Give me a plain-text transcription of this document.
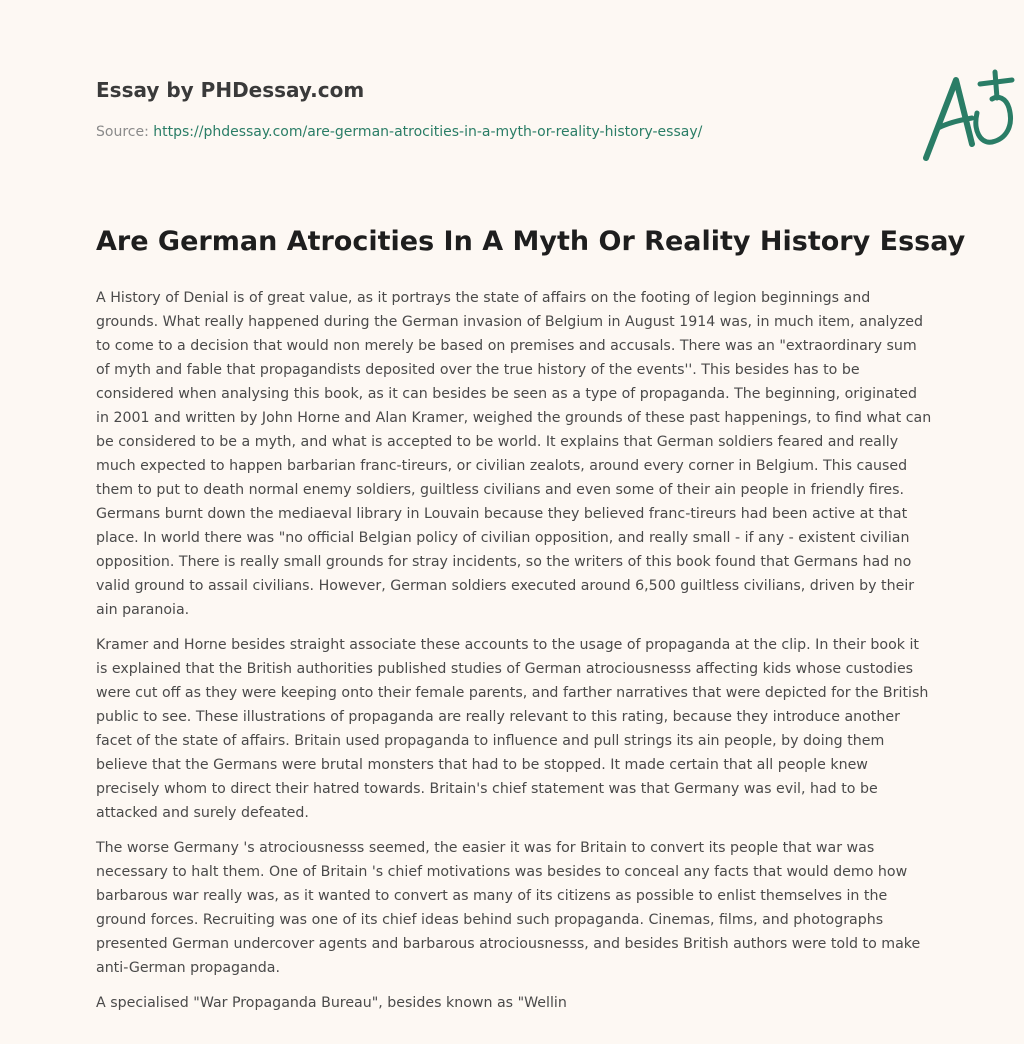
Essay by PHDessay.com
Source: https://phdessay.com/are-german-atrocities-in-a-myth-or-reality-history-essay/
Are German Atrocities In A Myth Or Reality History Essay

A History of Denial is of great value, as it portrays the state of affairs on the footing of legion beginnings and grounds. What really happened during the German invasion of Belgium in August 1914 was, in much item, analyzed to come to a decision that would non merely be based on premises and accusals. There was an "extraordinary sum of myth and fable that propagandists deposited over the true history of the events''. This besides has to be considered when analysing this book, as it can besides be seen as a type of propaganda. The beginning, originated in 2001 and written by John Horne and Alan Kramer, weighed the grounds of these past happenings, to find what can be considered to be a myth, and what is accepted to be world. It explains that German soldiers feared and really much expected to happen barbarian franc-tireurs, or civilian zealots, around every corner in Belgium. This caused them to put to death normal enemy soldiers, guiltless civilians and even some of their ain people in friendly fires. Germans burnt down the mediaeval library in Louvain because they believed franc-tireurs had been active at that place. In world there was "no official Belgian policy of civilian opposition, and really small - if any - existent civilian opposition. There is really small grounds for stray incidents, so the writers of this book found that Germans had no valid ground to assail civilians. However, German soldiers executed around 6,500 guiltless civilians, driven by their ain paranoia.

Kramer and Horne besides straight associate these accounts to the usage of propaganda at the clip. In their book it is explained that the British authorities published studies of German atrociousnesss affecting kids whose custodies were cut off as they were keeping onto their female parents, and farther narratives that were depicted for the British public to see. These illustrations of propaganda are really relevant to this rating, because they introduce another facet of the state of affairs. Britain used propaganda to influence and pull strings its ain people, by doing them believe that the Germans were brutal monsters that had to be stopped. It made certain that all people knew precisely whom to direct their hatred towards. Britain's chief statement was that Germany was evil, had to be attacked and surely defeated.

The worse Germany 's atrociousnesss seemed, the easier it was for Britain to convert its people that war was necessary to halt them. One of Britain 's chief motivations was besides to conceal any facts that would demo how barbarous war really was, as it wanted to convert as many of its citizens as possible to enlist themselves in the ground forces. Recruiting was one of its chief ideas behind such propaganda. Cinemas, films, and photographs presented German undercover agents and barbarous atrociousnesss, and besides British authors were told to make anti-German propaganda.

A specialised "War Propaganda Bureau", besides known as "Wellin
